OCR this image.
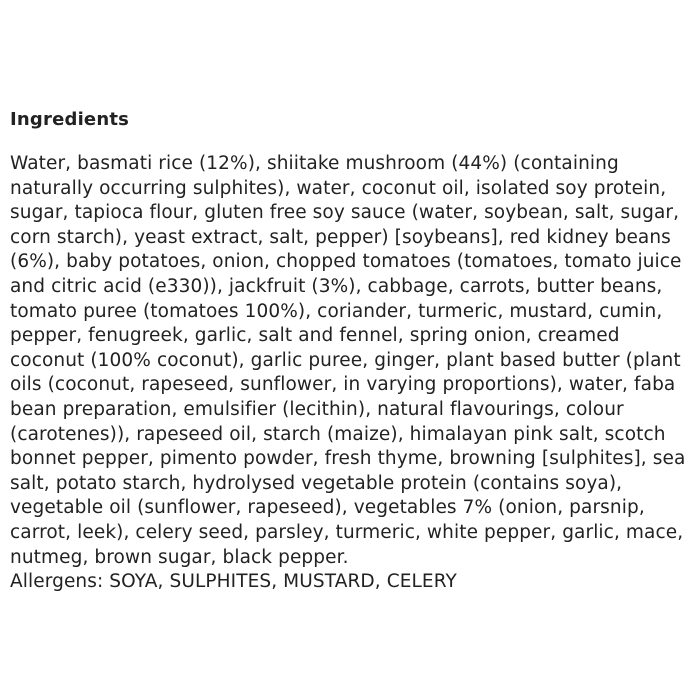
Ingredients
Water, basmati rice (12%), shiitake mushroom (44%) (containing
naturally occurring sulphites), water, coconut oil, isolated soy protein,
sugar, tapioca flour, gluten free soy sauce (water, soybean, salt, sugar,
corn starch), yeast extract, salt, pepper) [soybeans], red kidney beans
(6%), baby potatoes, onion, chopped tomatoes (tomatoes, tomato juice
and citric acid (e330)), jackfruit (3%), cabbage, carrots, butter beans,
tomato puree (tomatoes 100%), coriander, turmeric, mustard, cumin,
pepper, fenugreek, garlic, salt and fennel, spring onion, creamed
coconut (100% coconut), garlic puree, ginger, plant based butter (plant
oils (coconut, rapeseed, sunflower, in varying proportions), water, faba
bean preparation, emulsifier (lecithin), natural flavourings, colour
(carotenes)), rapeseed oil, starch (maize), himalayan pink salt, scotch
bonnet pepper, pimento powder, fresh thyme, browning [sulphites], sea
salt, potato starch, hydrolysed vegetable protein (contains soya),
vegetable oil (sunflower, rapeseed), vegetables 7% (onion, parsnip,
carrot, leek), celery seed, parsley, turmeric, white pepper, garlic, mace,
nutmeg, brown sugar, black pepper.
Allergens: SOYA, SULPHITES, MUSTARD, CELERY
